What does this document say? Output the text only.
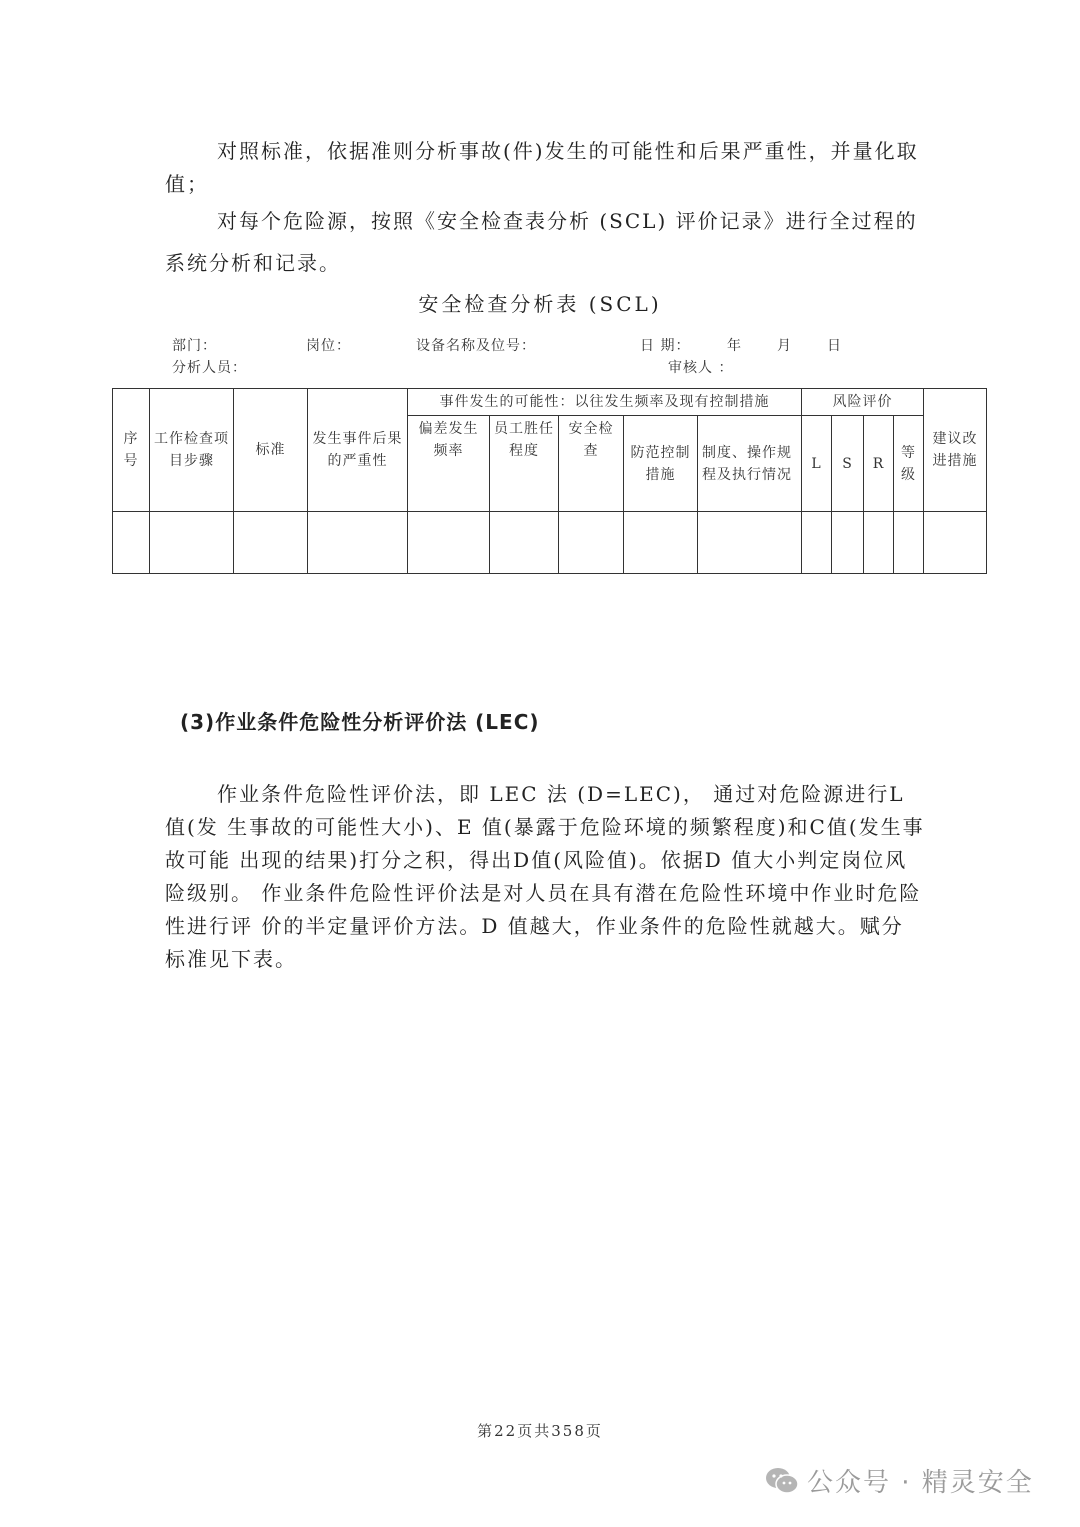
对照标准，依据准则分析事故(件)发生的可能性和后果严重性，并量化取值；

对每个危险源，按照《安全检查表分析 (SCL) 评价记录》进行全过程的系统分析和记录。

安全检查分析表 (SCL)
部门：	岗位：	设备名称及位号：	日 期：	年	月	日
分析人员：	审核人 ：
序号	工作检查项目步骤	标准	发生事件后果的严重性	事件发生的可能性：以往发生频率及现有控制措施					风险评价				建议改进措施
				偏差发生频率	员工胜任程度	安全检查	防范控制措施	制度、操作规程及执行情况	L	S	R	等级	

(3)作业条件危险性分析评价法 (LEC)

作业条件危险性评价法，即 LEC 法 (D=LEC)， 通过对危险源进行L 值(发 生事故的可能性大小)、E 值(暴露于危险环境的频繁程度)和C值(发生事故可能 出现的结果)打分之积，得出D值(风险值)。依据D 值大小判定岗位风险级别。 作业条件危险性评价法是对人员在具有潜在危险性环境中作业时危险性进行评 价的半定量评价方法。D 值越大，作业条件的危险性就越大。赋分标准见下表。

第22页共358页
公众号 · 精灵安全
